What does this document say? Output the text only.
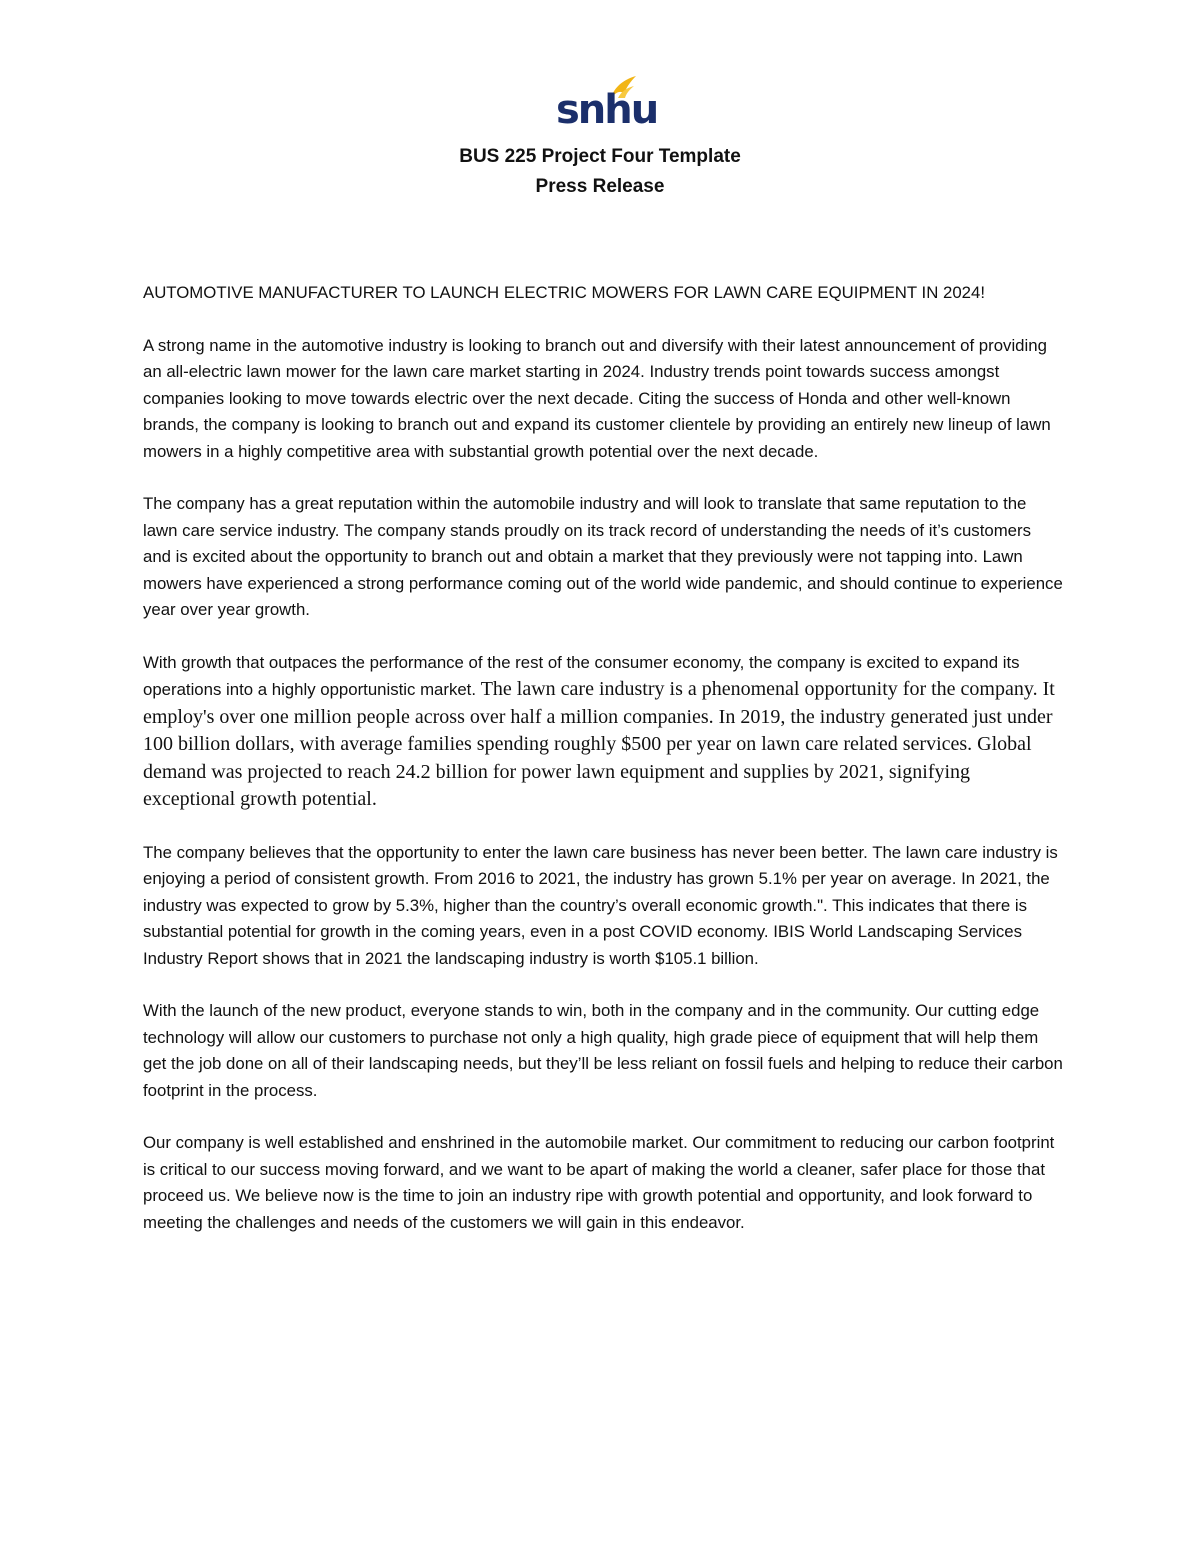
snhu
BUS 225 Project Four Template
Press Release

AUTOMOTIVE MANUFACTURER TO LAUNCH ELECTRIC MOWERS FOR LAWN CARE EQUIPMENT IN 2024!

A strong name in the automotive industry is looking to branch out and diversify with their latest announcement of providing an all-electric lawn mower for the lawn care market starting in 2024. Industry trends point towards success amongst companies looking to move towards electric over the next decade. Citing the success of Honda and other well-known brands, the company is looking to branch out and expand its customer clientele by providing an entirely new lineup of lawn mowers in a highly competitive area with substantial growth potential over the next decade.

The company has a great reputation within the automobile industry and will look to translate that same reputation to the lawn care service industry. The company stands proudly on its track record of understanding the needs of it’s customers and is excited about the opportunity to branch out and obtain a market that they previously were not tapping into. Lawn mowers have experienced a strong performance coming out of the world wide pandemic, and should continue to experience year over year growth.

With growth that outpaces the performance of the rest of the consumer economy, the company is excited to expand its operations into a highly opportunistic market. The lawn care industry is a phenomenal opportunity for the company. It employ's over one million people across over half a million companies. In 2019, the industry generated just under 100 billion dollars, with average families spending roughly $500 per year on lawn care related services. Global demand was projected to reach 24.2 billion for power lawn equipment and supplies by 2021, signifying exceptional growth potential.

The company believes that the opportunity to enter the lawn care business has never been better. The lawn care industry is enjoying a period of consistent growth. From 2016 to 2021, the industry has grown 5.1% per year on average. In 2021, the industry was expected to grow by 5.3%, higher than the country’s overall economic growth.". This indicates that there is substantial potential for growth in the coming years, even in a post COVID economy. IBIS World Landscaping Services Industry Report shows that in 2021 the landscaping industry is worth $105.1 billion.

With the launch of the new product, everyone stands to win, both in the company and in the community. Our cutting edge technology will allow our customers to purchase not only a high quality, high grade piece of equipment that will help them get the job done on all of their landscaping needs, but they’ll be less reliant on fossil fuels and helping to reduce their carbon footprint in the process.

Our company is well established and enshrined in the automobile market. Our commitment to reducing our carbon footprint is critical to our success moving forward, and we want to be apart of making the world a cleaner, safer place for those that proceed us. We believe now is the time to join an industry ripe with growth potential and opportunity, and look forward to meeting the challenges and needs of the customers we will gain in this endeavor.
